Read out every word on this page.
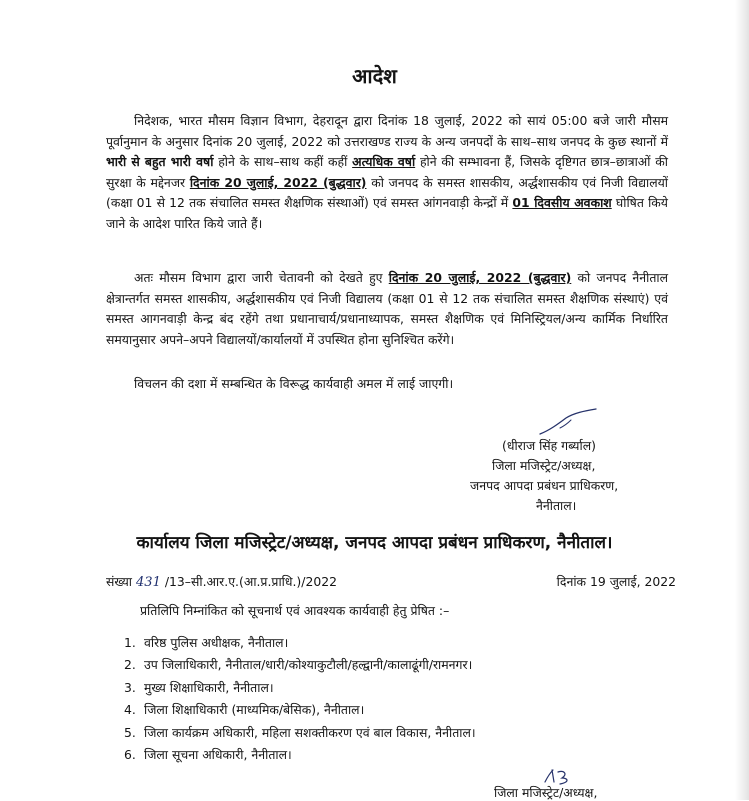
आदेश
निदेशक, भारत मौसम विज्ञान विभाग, देहरादून द्वारा दिनांक 18 जुलाई, 2022 को सायं 05:00 बजे जारी मौसम पूर्वानुमान के अनुसार दिनांक 20 जुलाई, 2022 को उत्तराखण्ड राज्य के अन्य जनपदों के साथ–साथ जनपद के कुछ स्थानों में भारी से बहुत भारी वर्षा होने के साथ–साथ कहीं कहीं अत्यधिक वर्षा होने की सम्भावना हैं, जिसके दृष्टिगत छात्र–छात्राओं की सुरक्षा के मद्देनजर दिनांक 20 जुलाई, 2022 (बुद्धवार) को जनपद के समस्त शासकीय, अर्द्धशासकीय एवं निजी विद्यालयों (कक्षा 01 से 12 तक संचालित समस्त शैक्षणिक संस्थाओं) एवं समस्त आंगनवाड़ी केन्द्रों में 01 दिवसीय अवकाश घोषित किये जाने के आदेश पारित किये जाते हैं।
अतः मौसम विभाग द्वारा जारी चेतावनी को देखते हुए दिनांक 20 जुलाई, 2022 (बुद्धवार) को जनपद नैनीताल क्षेत्रान्तर्गत समस्त शासकीय, अर्द्धशासकीय एवं निजी विद्यालय (कक्षा 01 से 12 तक संचालित समस्त शैक्षणिक संस्थाएं) एवं समस्त आगनवाड़ी केन्द्र बंद रहेंगे तथा प्रधानाचार्य/प्रधानाध्यापक, समस्त शैक्षणिक एवं मिनिस्ट्रियल/अन्य कार्मिक निर्धारित समयानुसार अपने–अपने विद्यालयों/कार्यालयों में उपस्थित होना सुनिश्चित करेंगे।
विचलन की दशा में सम्बन्धित के विरूद्ध कार्यवाही अमल में लाई जाएगी।
(धीराज सिंह गर्ब्याल)
जिला मजिस्ट्रेट/अध्यक्ष,
जनपद आपदा प्रबंधन प्राधिकरण,
नैनीताल।
कार्यालय जिला मजिस्ट्रेट/अध्यक्ष, जनपद आपदा प्रबंधन प्राधिकरण, नैनीताल।
संख्या 431 /13–सी.आर.ए.(आ.प्र.प्राधि.)/2022	दिनांक 19 जुलाई, 2022
प्रतिलिपि निम्नांकित को सूचनार्थ एवं आवश्यक कार्यवाही हेतु प्रेषित :–
1. वरिष्ठ पुलिस अधीक्षक, नैनीताल।
2. उप जिलाधिकारी, नैनीताल/धारी/कोश्याकुटौली/हल्द्वानी/कालाढूंगी/रामनगर।
3. मुख्य शिक्षाधिकारी, नैनीताल।
4. जिला शिक्षाधिकारी (माध्यमिक/बेसिक), नैनीताल।
5. जिला कार्यक्रम अधिकारी, महिला सशक्तीकरण एवं बाल विकास, नैनीताल।
6. जिला सूचना अधिकारी, नैनीताल।
जिला मजिस्ट्रेट/अध्यक्ष,
